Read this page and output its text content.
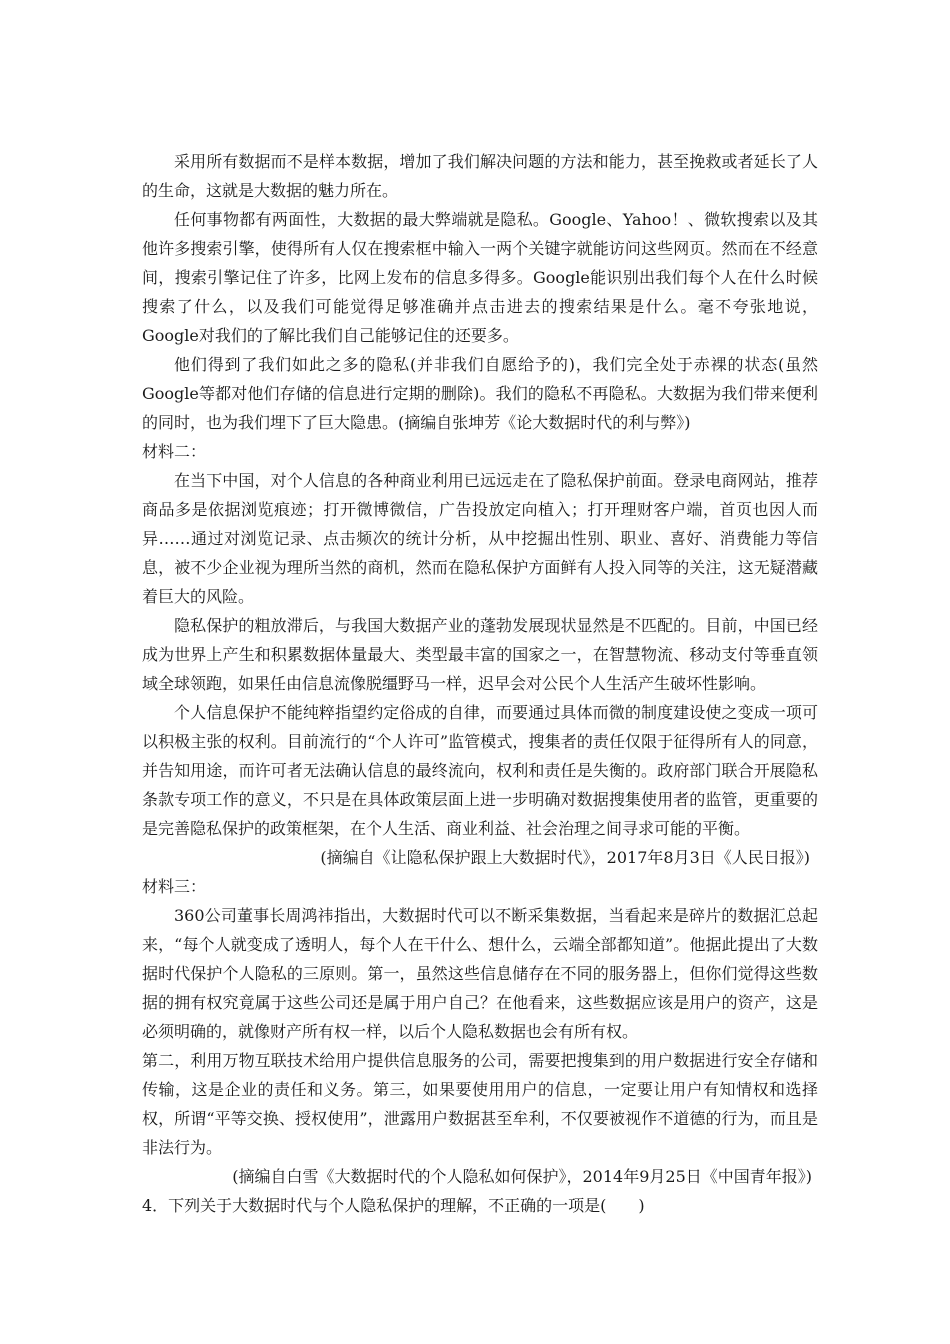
采用所有数据而不是样本数据，增加了我们解决问题的方法和能力，甚至挽救或者延长了人的生命，这就是大数据的魅力所在。

任何事物都有两面性，大数据的最大弊端就是隐私。Google、Yahoo！、微软搜索以及其他许多搜索引擎，使得所有人仅在搜索框中输入一两个关键字就能访问这些网页。然而在不经意间，搜索引擎记住了许多，比网上发布的信息多得多。Google能识别出我们每个人在什么时候搜索了什么，以及我们可能觉得足够准确并点击进去的搜索结果是什么。毫不夸张地说，Google对我们的了解比我们自己能够记住的还要多。

他们得到了我们如此之多的隐私(并非我们自愿给予的)，我们完全处于赤裸的状态(虽然Google等都对他们存储的信息进行定期的删除)。我们的隐私不再隐私。大数据为我们带来便利的同时，也为我们埋下了巨大隐患。(摘编自张坤芳《论大数据时代的利与弊》)

材料二：

在当下中国，对个人信息的各种商业利用已远远走在了隐私保护前面。登录电商网站，推荐商品多是依据浏览痕迹；打开微博微信，广告投放定向植入；打开理财客户端，首页也因人而异……通过对浏览记录、点击频次的统计分析，从中挖掘出性别、职业、喜好、消费能力等信息，被不少企业视为理所当然的商机，然而在隐私保护方面鲜有人投入同等的关注，这无疑潜藏着巨大的风险。

隐私保护的粗放滞后，与我国大数据产业的蓬勃发展现状显然是不匹配的。目前，中国已经成为世界上产生和积累数据体量最大、类型最丰富的国家之一，在智慧物流、移动支付等垂直领域全球领跑，如果任由信息流像脱缰野马一样，迟早会对公民个人生活产生破坏性影响。

个人信息保护不能纯粹指望约定俗成的自律，而要通过具体而微的制度建设使之变成一项可以积极主张的权利。目前流行的“个人许可”监管模式，搜集者的责任仅限于征得所有人的同意，并告知用途，而许可者无法确认信息的最终流向，权利和责任是失衡的。政府部门联合开展隐私条款专项工作的意义，不只是在具体政策层面上进一步明确对数据搜集使用者的监管，更重要的是完善隐私保护的政策框架，在个人生活、商业利益、社会治理之间寻求可能的平衡。

(摘编自《让隐私保护跟上大数据时代》，2017年8月3日《人民日报》)

材料三：

360公司董事长周鸿祎指出，大数据时代可以不断采集数据，当看起来是碎片的数据汇总起来，“每个人就变成了透明人，每个人在干什么、想什么，云端全部都知道”。他据此提出了大数据时代保护个人隐私的三原则。第一，虽然这些信息储存在不同的服务器上，但你们觉得这些数据的拥有权究竟属于这些公司还是属于用户自己？在他看来，这些数据应该是用户的资产，这是必须明确的，就像财产所有权一样，以后个人隐私数据也会有所有权。

第二，利用万物互联技术给用户提供信息服务的公司，需要把搜集到的用户数据进行安全存储和传输，这是企业的责任和义务。第三，如果要使用用户的信息，一定要让用户有知情权和选择权，所谓“平等交换、授权使用”，泄露用户数据甚至牟利，不仅要被视作不道德的行为，而且是非法行为。

(摘编自白雪《大数据时代的个人隐私如何保护》，2014年9月25日《中国青年报》)

4．下列关于大数据时代与个人隐私保护的理解，不正确的一项是(　　)
